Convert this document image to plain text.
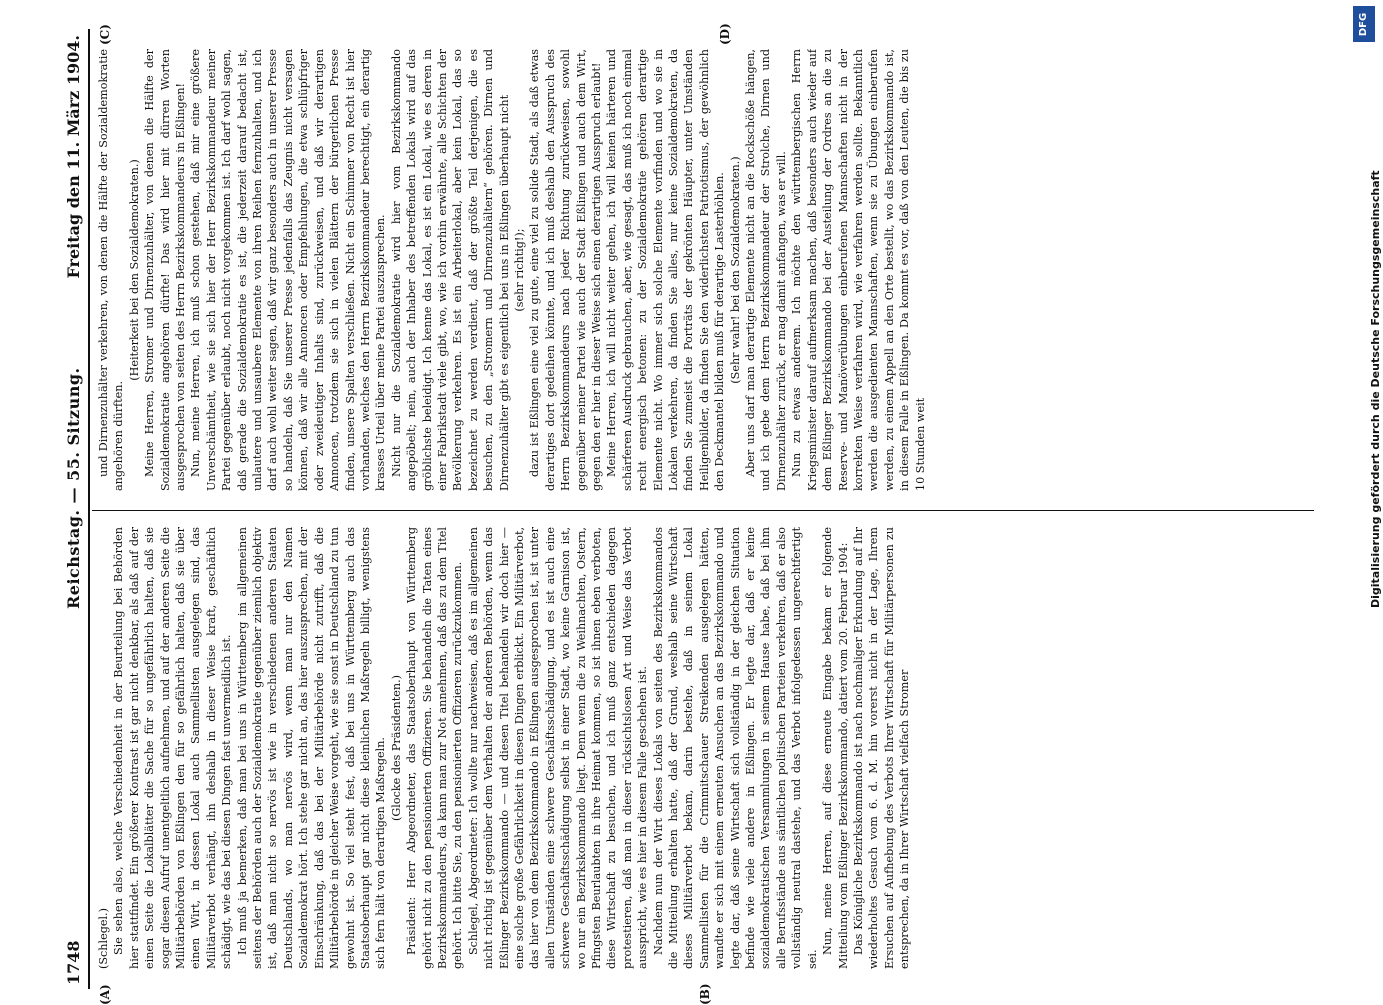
1748
Reichstag. — 55. Sitzung.
Freitag den 11. März 1904.
(A)	(B)
(C)	(D)

(Schlegel.) Sie sehen also, welche Verschiedenheit in der Beurteilung bei Behörden hier stattfindet. Ein größerer Kontrast ist gar nicht denkbar, als daß auf der einen Seite die Lokalblätter die Sache für so ungefährlich halten, daß sie sogar diesen Aufruf unentgeltlich aufnehmen, und auf der anderen Seite die Militärbehörden von Eßlingen den für so gefährlich halten, daß sie über einen Wirt, in dessen Lokal auch Sammellisten ausgelegen sind, das Militärverbot verhängt, ihn deshalb in dieser Weise kraft, geschäftlich schädigt, wie das bei diesen Dingen fast unvermeidlich ist. Ich muß ja bemerken, daß man bei uns in Württemberg im allgemeinen seitens der Behörden auch der Sozialdemokratie gegenüber ziemlich objektiv ist, daß man nicht so nervös ist wie in verschiedenen anderen Staaten Deutschlands, wo man nervös wird, wenn man nur den Namen Sozialdemokrat hört. Ich stehe gar nicht an, das hier auszusprechen, mit der Einschränkung, daß das bei der Militärbehörde nicht zutrifft, daß die Militärbehörde in gleicher Weise vorgeht, wie sie sonst in Deutschland zu tun gewohnt ist. So viel steht fest, daß bei uns in Württemberg auch das Staatsoberhaupt gar nicht diese kleinlichen Maßregeln billigt, wenigstens sich fern hält von derartigen Maßregeln. (Glocke des Präsidenten.) Präsident: Herr Abgeordneter, das Staatsoberhaupt von Württemberg gehört nicht zu den pensionierten Offizieren. Sie behandeln die Taten eines Bezirkskommandeurs, da kann man zur Not annehmen, daß das zu dem Titel gehört. Ich bitte Sie, zu den pensionierten Offizieren zurückzukommen. Schlegel, Abgeordneter: Ich wollte nur nachweisen, daß es im allgemeinen nicht richtig ist gegenüber dem Verhalten der anderen Behörden, wenn das Eßlinger Bezirkskommando — und diesen Titel behandeln wir doch hier — eine solche große Gefährlichkeit in diesen Dingen erblickt. Ein Militärverbot, das hier von dem Bezirkskommando in Eßlingen ausgesprochen ist, ist unter allen Umständen eine schwere Geschäftsschädigung, und es ist auch eine schwere Geschäftsschädigung selbst in einer Stadt, wo keine Garnison ist, wo nur ein Bezirkskommando liegt. Denn wenn die zu Weihnachten, Ostern, Pfingsten Beurlaubten in ihre Heimat kommen, so ist ihnen eben verboten, diese Wirtschaft zu besuchen, und ich muß ganz entschieden dagegen protestieren, daß man in dieser rücksichtslosen Art und Weise das Verbot ausspricht, wie es hier in diesem Falle geschehen ist. Nachdem nun der Wirt dieses Lokals von seiten des Bezirkskommandos die Mitteilung erhalten hatte, daß der Grund, weshalb seine Wirtschaft dieses Militärverbot bekam, darin bestehe, daß in seinem Lokal Sammellisten für die Crimmitschauer Streikenden ausgelegen hätten, wandte er sich mit einem erneuten Ansuchen an das Bezirkskommando und legte dar, daß seine Wirtschaft sich vollständig in der gleichen Situation befinde wie viele andere in Eßlingen. Er legte dar, daß er keine sozialdemokratischen Versammlungen in seinem Hause habe, daß bei ihm alle Berufsstände aus sämtlichen politischen Parteien verkehren, daß er also vollständig neutral dastehe, und das Verbot infolgedessen ungerechtfertigt sei.

Nun, meine Herren, auf diese erneute Eingabe bekam er folgende Mitteilung vom Eßlinger Bezirkskommando, datiert vom 20. Februar 1904: Das Königliche Bezirkskommando ist nach nochmaliger Erkundung auf Ihr wiederholtes Gesuch vom 6. d. M. hin vorerst nicht in der Lage, Ihrem Ersuchen auf Aufhebung des Verbots Ihrer Wirtschaft für Militärpersonen zu entsprechen, da in Ihrer Wirtschaft vielfach Stromer

und Dirnenzuhälter verkehren, von denen die Hälfte der Sozialdemokratie angehören dürften.

(Heiterkeit bei den Sozialdemokraten.) Meine Herren, Stromer und Dirnenzuhälter, von denen die Hälfte der Sozialdemokratie angehören dürfte! Das wird hier mit dürren Worten ausgesprochen von seiten des Herrn Bezirkskommandeurs in Eßlingen! Nun, meine Herren, ich muß schon gestehen, daß mir eine größere Unverschämtheit, wie sie sich hier der Herr Bezirkskommandeur meiner Partei gegenüber erlaubt, noch nicht vorgekommen ist. Ich darf wohl sagen, daß gerade die Sozialdemokratie es ist, die jederzeit darauf bedacht ist, unlautere und unsaubere Elemente von ihren Reihen fernzuhalten, und ich darf auch wohl weiter sagen, daß wir ganz besonders auch in unserer Presse so handeln, daß Sie unserer Presse jedenfalls das Zeugnis nicht versagen können, daß wir alle Annoncen oder Empfehlungen, die etwa schlüpfriger oder zweideutiger Inhalts sind, zurückweisen, und daß wir derartigen Annoncen, trotzdem sie sich in vielen Blättern der bürgerlichen Presse finden, unsere Spalten verschließen. Nicht ein Schimmer von Recht ist hier vorhanden, welches den Herrn Bezirkskommandeur berechtigt, ein derartig krasses Urteil über meine Partei auszusprechen. Nicht nur die Sozialdemokratie wird hier vom Bezirkskommando angepöbelt; nein, auch der Inhaber des betreffenden Lokals wird auf das gröblichste beleidigt. Ich kenne das Lokal, es ist ein Lokal, wie es deren in einer Fabrikstadt viele gibt, wo, wie ich vorhin erwähnte, alle Schichten der Bevölkerung verkehren. Es ist ein Arbeiterlokal, aber kein Lokal, das so bezeichnet zu werden verdient, daß der größte Teil derjenigen, die es besuchen, zu den „Stromern und Dirnenzuhältern“ gehören. Dirnen und Dirnenzuhälter gibt es eigentlich bei uns in Eßlingen überhaupt nicht (sehr richtig!); dazu ist Eßlingen eine viel zu gute, eine viel zu solide Stadt, als daß etwas derartiges dort gedeihen könnte, und ich muß deshalb den Ausspruch des Herrn Bezirkskommandeurs nach jeder Richtung zurückweisen, sowohl gegenüber meiner Partei wie auch der Stadt Eßlingen und auch dem Wirt, gegen den er hier in dieser Weise sich einen derartigen Ausspruch erlaubt! Meine Herren, ich will nicht weiter gehen, ich will keinen härteren und schärferen Ausdruck gebrauchen, aber, wie gesagt, das muß ich noch einmal recht energisch betonen: zu der Sozialdemokratie gehören derartige Elemente nicht. Wo immer sich solche Elemente vorfinden und wo sie in Lokalen verkehren, da finden Sie alles, nur keine Sozialdemokraten, da finden Sie zumeist die Porträts der gekrönten Häupter, unter Umständen Heiligenbilder, da finden Sie den widerlichsten Patriotismus, der gewöhnlich den Deckmantel bilden muß für derartige Lasterhöhlen. (Sehr wahr! bei den Sozialdemokraten.) Aber uns darf man derartige Elemente nicht an die Rockschöße hängen, und ich gebe dem Herrn Bezirkskommandeur der Strolche, Dirnen und Dirnenzuhälter zurück, er mag damit anfangen, was er will. Nun zu etwas anderem. Ich möchte den württembergischen Herrn Kriegsminister darauf aufmerksam machen, daß besonders auch wieder auf dem Eßlinger Bezirkskommando bei der Austeilung der Ordres an die zu Reserve- und Manöverübungen einberufenen Mannschaften nicht in der korrekten Weise verfahren wird, wie verfahren werden sollte. Bekanntlich werden die ausgedienten Mannschaften, wenn sie zu Übungen einberufen werden, zu einem Appell an den Orte bestellt, wo das Bezirkskommando ist, in diesem Falle in Eßlingen. Da kommt es vor, daß von den Leuten, die bis zu 10 Stunden weit

DFG
Digitalisierung gefördert durch die Deutsche Forschungsgemeinschaft
